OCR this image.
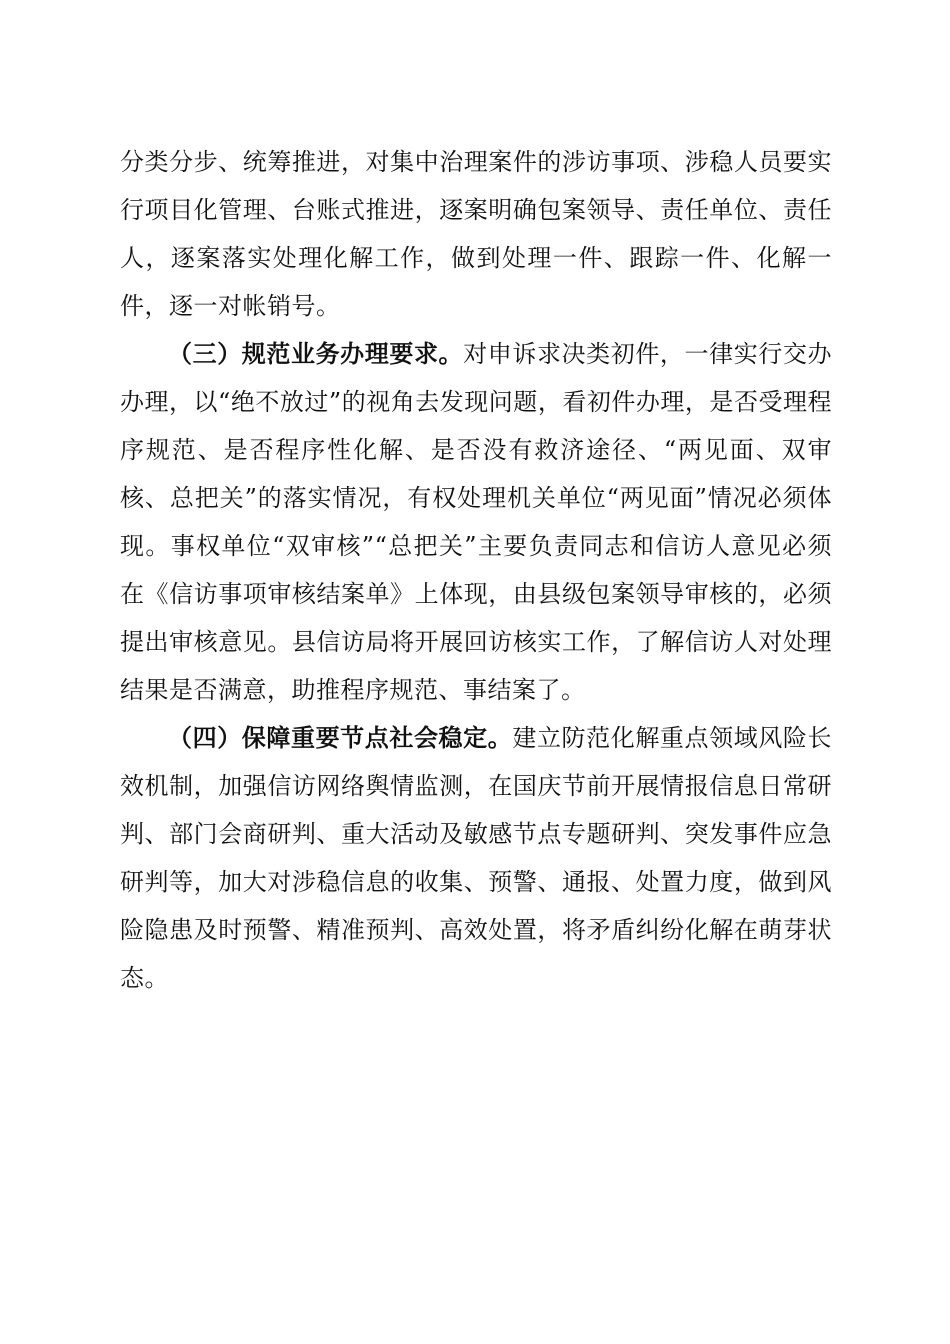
分类分步、统筹推进，对集中治理案件的涉访事项、涉稳人员要实行项目化管理、台账式推进，逐案明确包案领导、责任单位、责任人，逐案落实处理化解工作，做到处理一件、跟踪一件、化解一件，逐一对帐销号。

（三）规范业务办理要求。对申诉求决类初件，一律实行交办办理，以“绝不放过”的视角去发现问题，看初件办理，是否受理程序规范、是否程序性化解、是否没有救济途径、“两见面、双审核、总把关”的落实情况，有权处理机关单位“两见面”情况必须体现。事权单位“双审核”“总把关”主要负责同志和信访人意见必须在《信访事项审核结案单》上体现，由县级包案领导审核的，必须提出审核意见。县信访局将开展回访核实工作，了解信访人对处理结果是否满意，助推程序规范、事结案了。

（四）保障重要节点社会稳定。建立防范化解重点领域风险长效机制，加强信访网络舆情监测，在国庆节前开展情报信息日常研判、部门会商研判、重大活动及敏感节点专题研判、突发事件应急研判等，加大对涉稳信息的收集、预警、通报、处置力度，做到风险隐患及时预警、精准预判、高效处置，将矛盾纠纷化解在萌芽状态。
